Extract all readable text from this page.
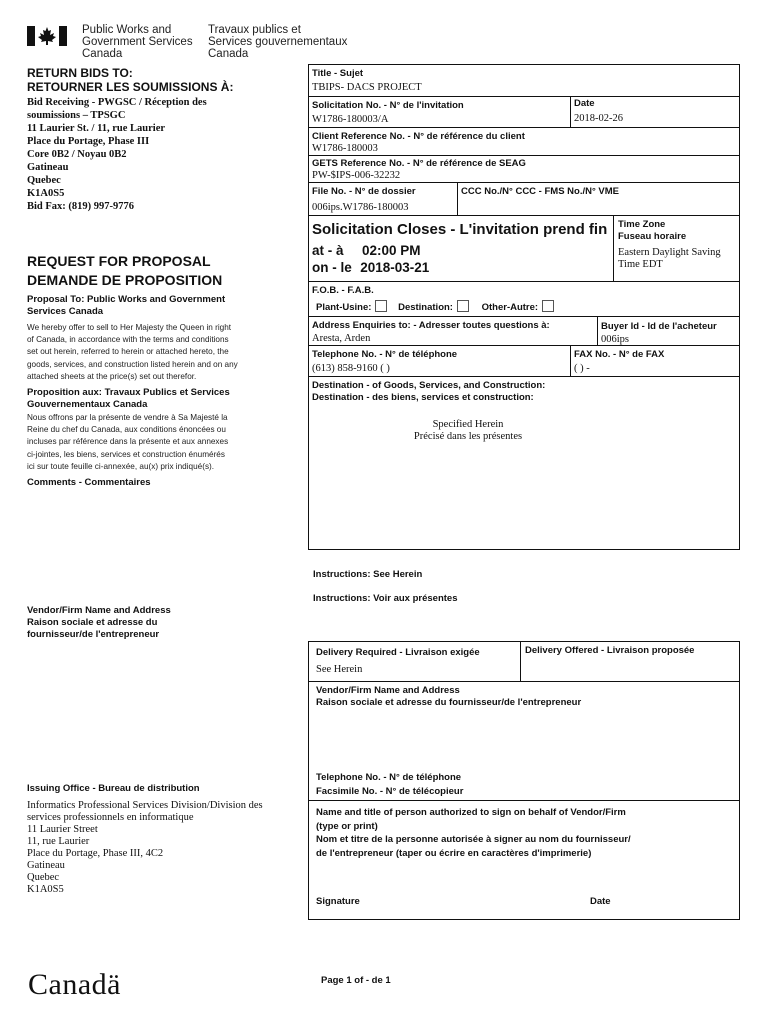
Public Works and
Government Services
Canada
Travaux publics et
Services gouvernementaux
Canada
RETURN BIDS TO:
RETOURNER LES SOUMISSIONS À:
Bid Receiving - PWGSC / Réception des
soumissions – TPSGC
11 Laurier St. / 11, rue Laurier
Place du Portage, Phase III
Core 0B2 / Noyau 0B2
Gatineau
Quebec
K1A0S5
Bid Fax: (819) 997-9776
REQUEST FOR PROPOSAL
DEMANDE DE PROPOSITION
Proposal To: Public Works and Government
Services Canada
We hereby offer to sell to Her Majesty the Queen in right
of Canada, in accordance with the terms and conditions
set out herein, referred to herein or attached hereto, the
goods, services, and construction listed herein and on any
attached sheets at the price(s) set out therefor.
Proposition aux: Travaux Publics et Services
Gouvernementaux Canada
Nous offrons par la présente de vendre à Sa Majesté la
Reine du chef du Canada, aux conditions énoncées ou
incluses par référence dans la présente et aux annexes
ci-jointes, les biens, services et construction énumérés
ici sur toute feuille ci-annexée, au(x) prix indiqué(s).
Comments - Commentaires
Vendor/Firm Name and Address
Raison sociale et adresse du
fournisseur/de l'entrepreneur
Issuing Office - Bureau de distribution
Informatics Professional Services Division/Division des
services professionnels en informatique
11 Laurier Street
11, rue Laurier
Place du Portage, Phase III, 4C2
Gatineau
Quebec
K1A0S5
Title - Sujet
TBIPS- DACS PROJECT
Solicitation No. - N° de l'invitation
W1786-180003/A
Date
2018-02-26
Client Reference No. - N° de référence du client
W1786-180003
GETS Reference No. - N° de référence de SEAG
PW-$IPS-006-32232
File No. - N° de dossier
006ips.W1786-180003
CCC No./N° CCC - FMS No./N° VME
Solicitation Closes - L'invitation prend fin
at - à 02:00 PM
on - le 2018-03-21
Time Zone
Fuseau horaire
Eastern Daylight Saving
Time EDT
F.O.B. - F.A.B.
Plant-Usine:	Destination:	Other-Autre:
Address Enquiries to: - Adresser toutes questions à:
Aresta, Arden
Buyer Id - Id de l'acheteur
006ips
Telephone No. - N° de téléphone
(613) 858-9160 ( )
FAX No. - N° de FAX
( ) -
Destination - of Goods, Services, and Construction:
Destination - des biens, services et construction:
Specified Herein
Précisé dans les présentes
Instructions: See Herein
Instructions: Voir aux présentes
Delivery Required - Livraison exigée
See Herein
Delivery Offered - Livraison proposée
Vendor/Firm Name and Address
Raison sociale et adresse du fournisseur/de l'entrepreneur
Telephone No. - N° de téléphone
Facsimile No. - N° de télécopieur
Name and title of person authorized to sign on behalf of Vendor/Firm
(type or print)
Nom et titre de la personne autorisée à signer au nom du fournisseur/
de l'entrepreneur (taper ou écrire en caractères d'imprimerie)
Signature	Date
Canadä	Page 1 of - de 1
